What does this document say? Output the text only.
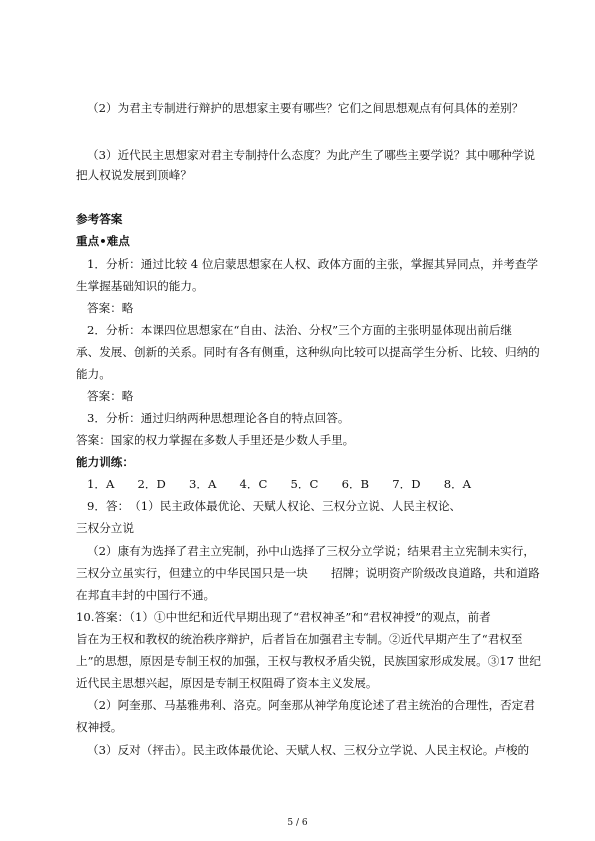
（2）为君主专制进行辩护的思想家主要有哪些？它们之间思想观点有何具体的差别？
（3）近代民主思想家对君主专制持什么态度？为此产生了哪些主要学说？其中哪种学说
把人权说发展到顶峰？
参考答案
重点•难点
1．分析：通过比较 4 位启蒙思想家在人权、政体方面的主张，掌握其异同点，并考查学
生掌握基础知识的能力。
答案：略
2．分析：本课四位思想家在“自由、法治、分权”三个方面的主张明显体现出前后继
承、发展、创新的关系。同时有各有侧重，这种纵向比较可以提高学生分析、比较、归纳的
能力。
答案：略
3．分析：通过归纳两种思想理论各自的特点回答。
答案：国家的权力掌握在多数人手里还是少数人手里。
能力训练：
1．A　　2．D　　3．A　　4．C　　5．C　　6．B　　7．D　　8．A
9．答：　（1）民主政体最优论、天赋人权论、三权分立说、人民主权论、
三权分立说
（2）康有为选择了君主立宪制，孙中山选择了三权分立学说；结果君主立宪制未实行，
三权分立虽实行，但建立的中华民国只是一块　　招牌；说明资产阶级改良道路，共和道路
在邦直丰封的中国行不通。
10.答案：（1）①中世纪和近代早期出现了“君权神圣”和“君权神授”的观点，前者
旨在为王权和教权的统治秩序辩护，后者旨在加强君主专制。②近代早期产生了“君权至
上”的思想，原因是专制王权的加强，王权与教权矛盾尖锐，民族国家形成发展。③17 世纪
近代民主思想兴起，原因是专制王权阻碍了资本主义发展。
（2）阿奎那、马基雅弗利、洛克。阿奎那从神学角度论述了君主统治的合理性，否定君
权神授。
（3）反对（抨击）。民主政体最优论、天赋人权、三权分立学说、人民主权论。卢梭的
5 / 6
